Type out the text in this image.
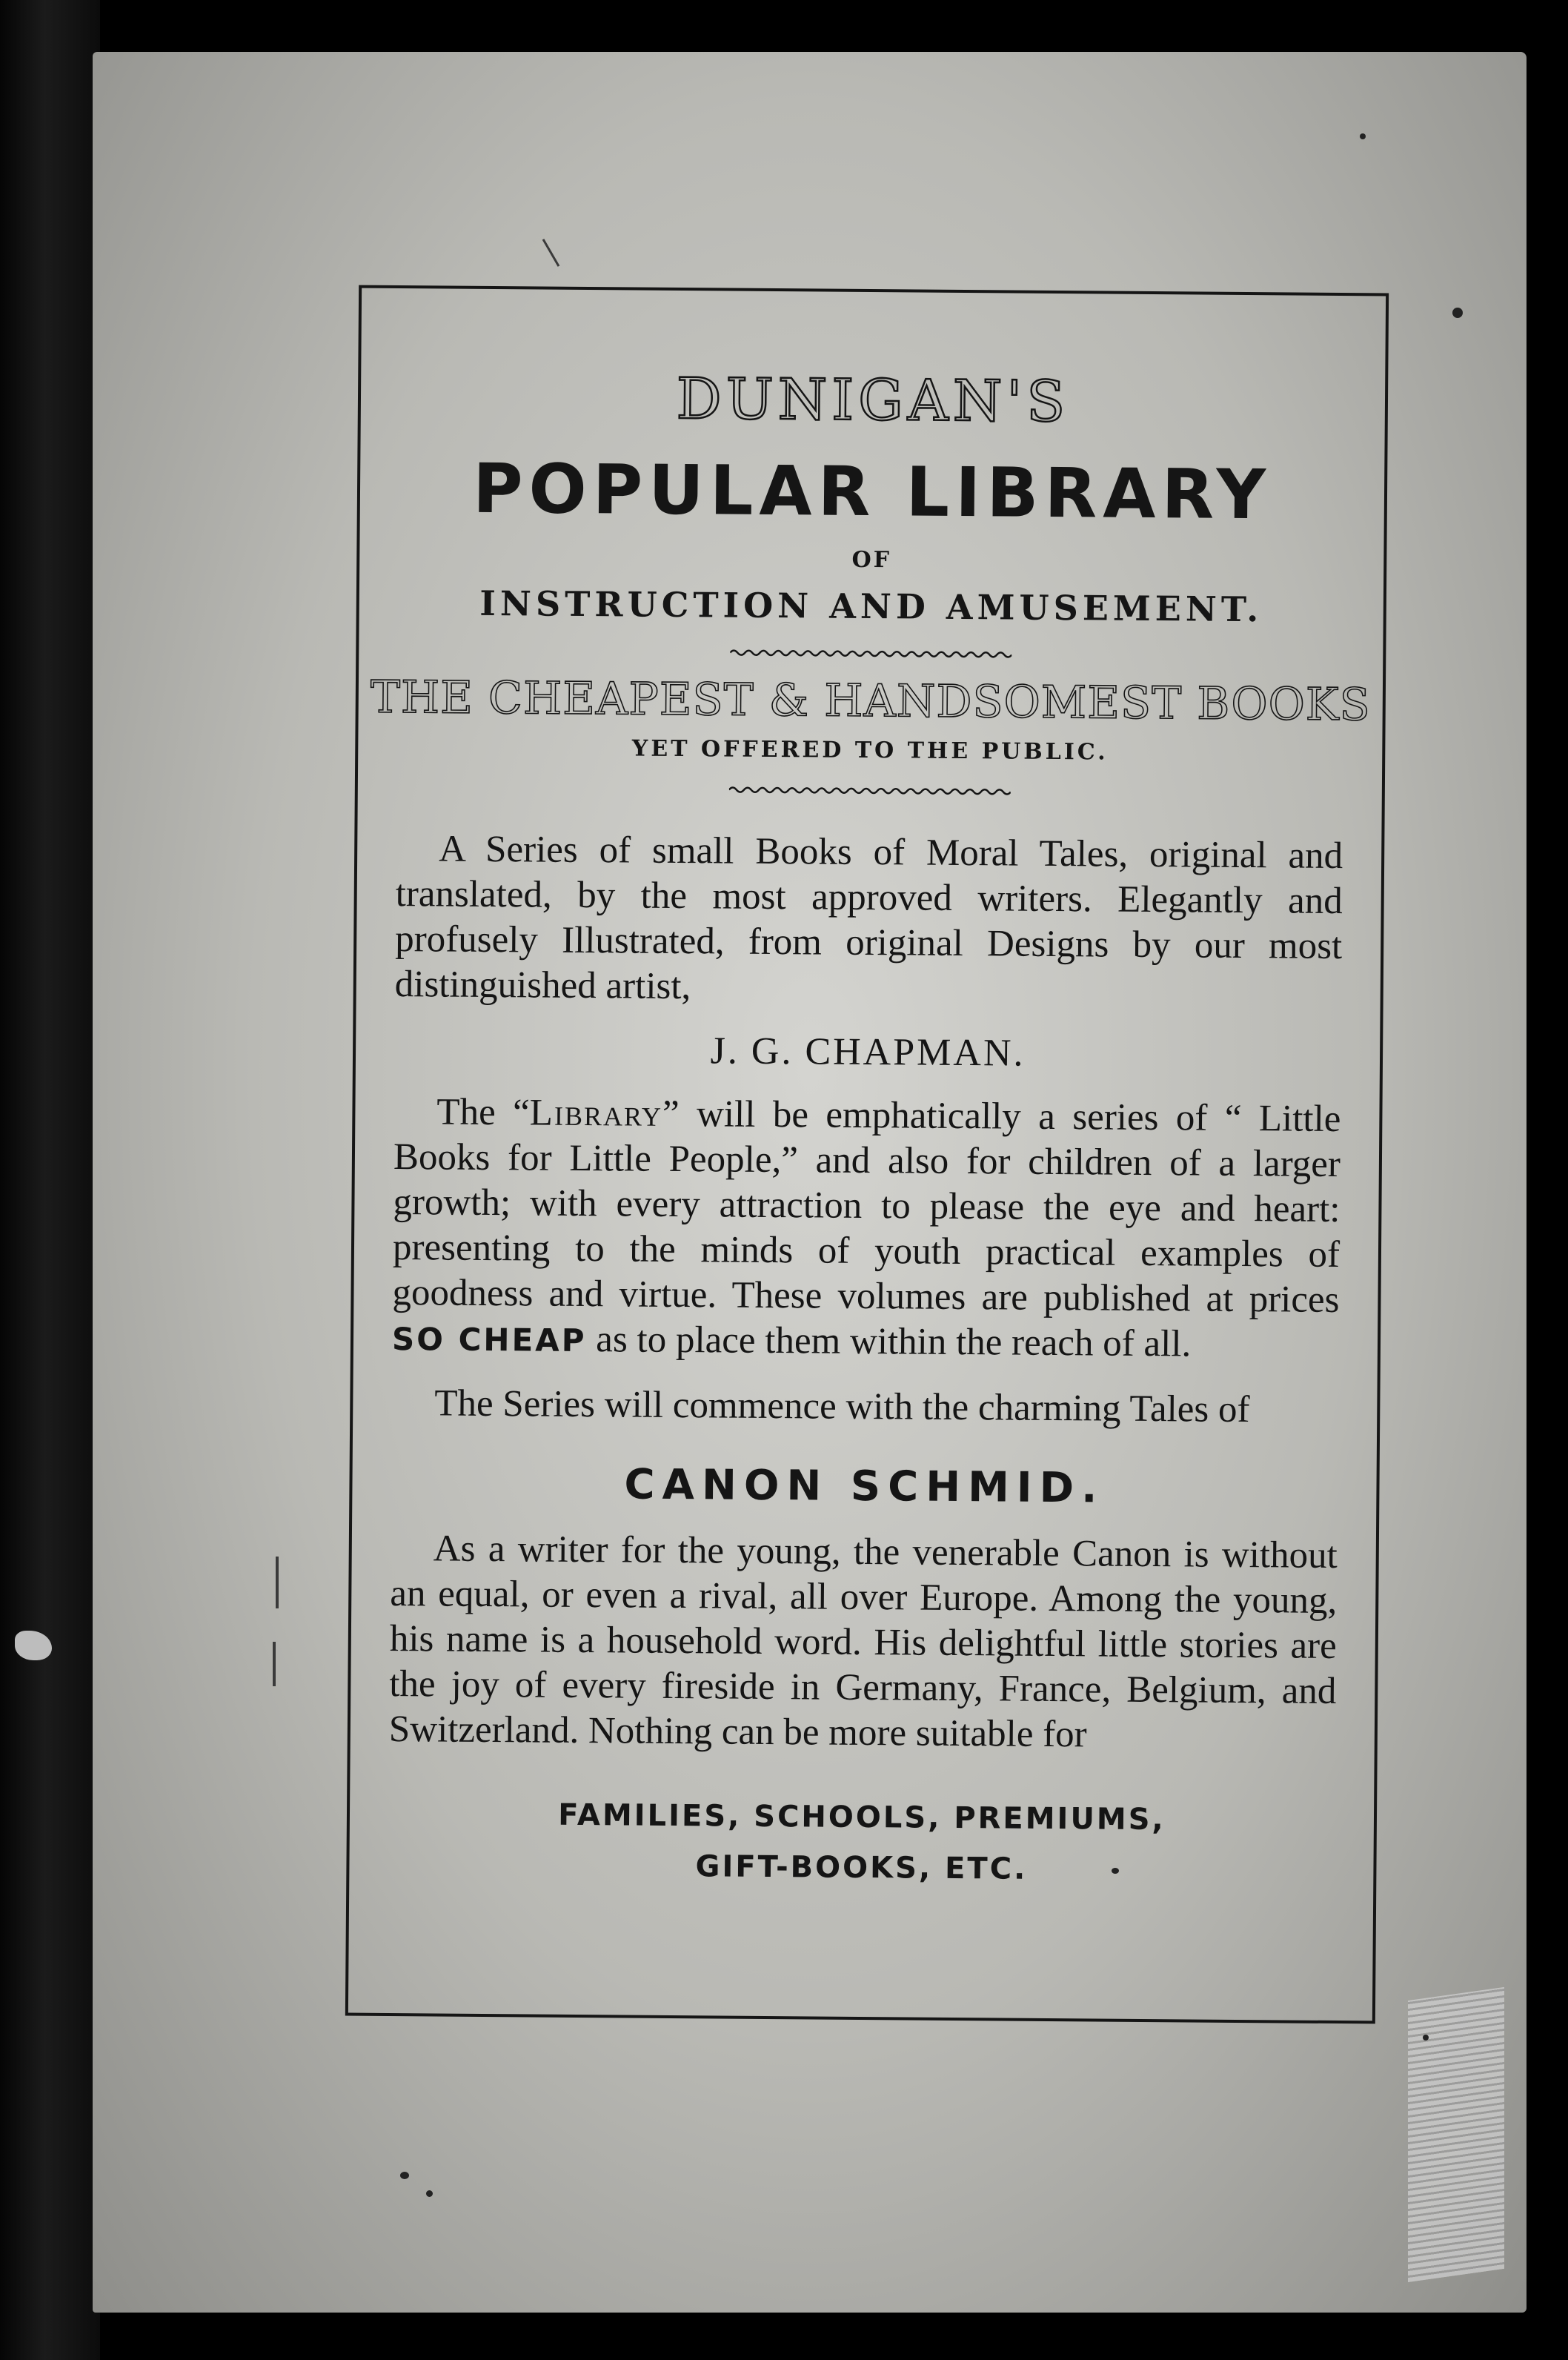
DUNIGAN'S
POPULAR LIBRARY
OF
INSTRUCTION AND AMUSEMENT.
THE CHEAPEST & HANDSOMEST BOOKS
YET OFFERED TO THE PUBLIC.
A Series of small Books of Moral Tales, original and translated, by the most approved writers. Elegantly and profusely Illustrated, from original Designs by our most distinguished artist,
J. G. CHAPMAN.
The “Library” will be emphatically a series of “ Little Books for Little People,” and also for children of a larger growth; with every attraction to please the eye and heart: presenting to the minds of youth practical examples of goodness and virtue. These volumes are published at prices SO CHEAP as to place them within the reach of all.
The Series will commence with the charming Tales of
CANON SCHMID.
As a writer for the young, the venerable Canon is without an equal, or even a rival, all over Europe. Among the young, his name is a household word. His delightful little stories are the joy of every fireside in Germany, France, Belgium, and Switzerland. Nothing can be more suitable for
FAMILIES, SCHOOLS, PREMIUMS,
GIFT-BOOKS, ETC.
